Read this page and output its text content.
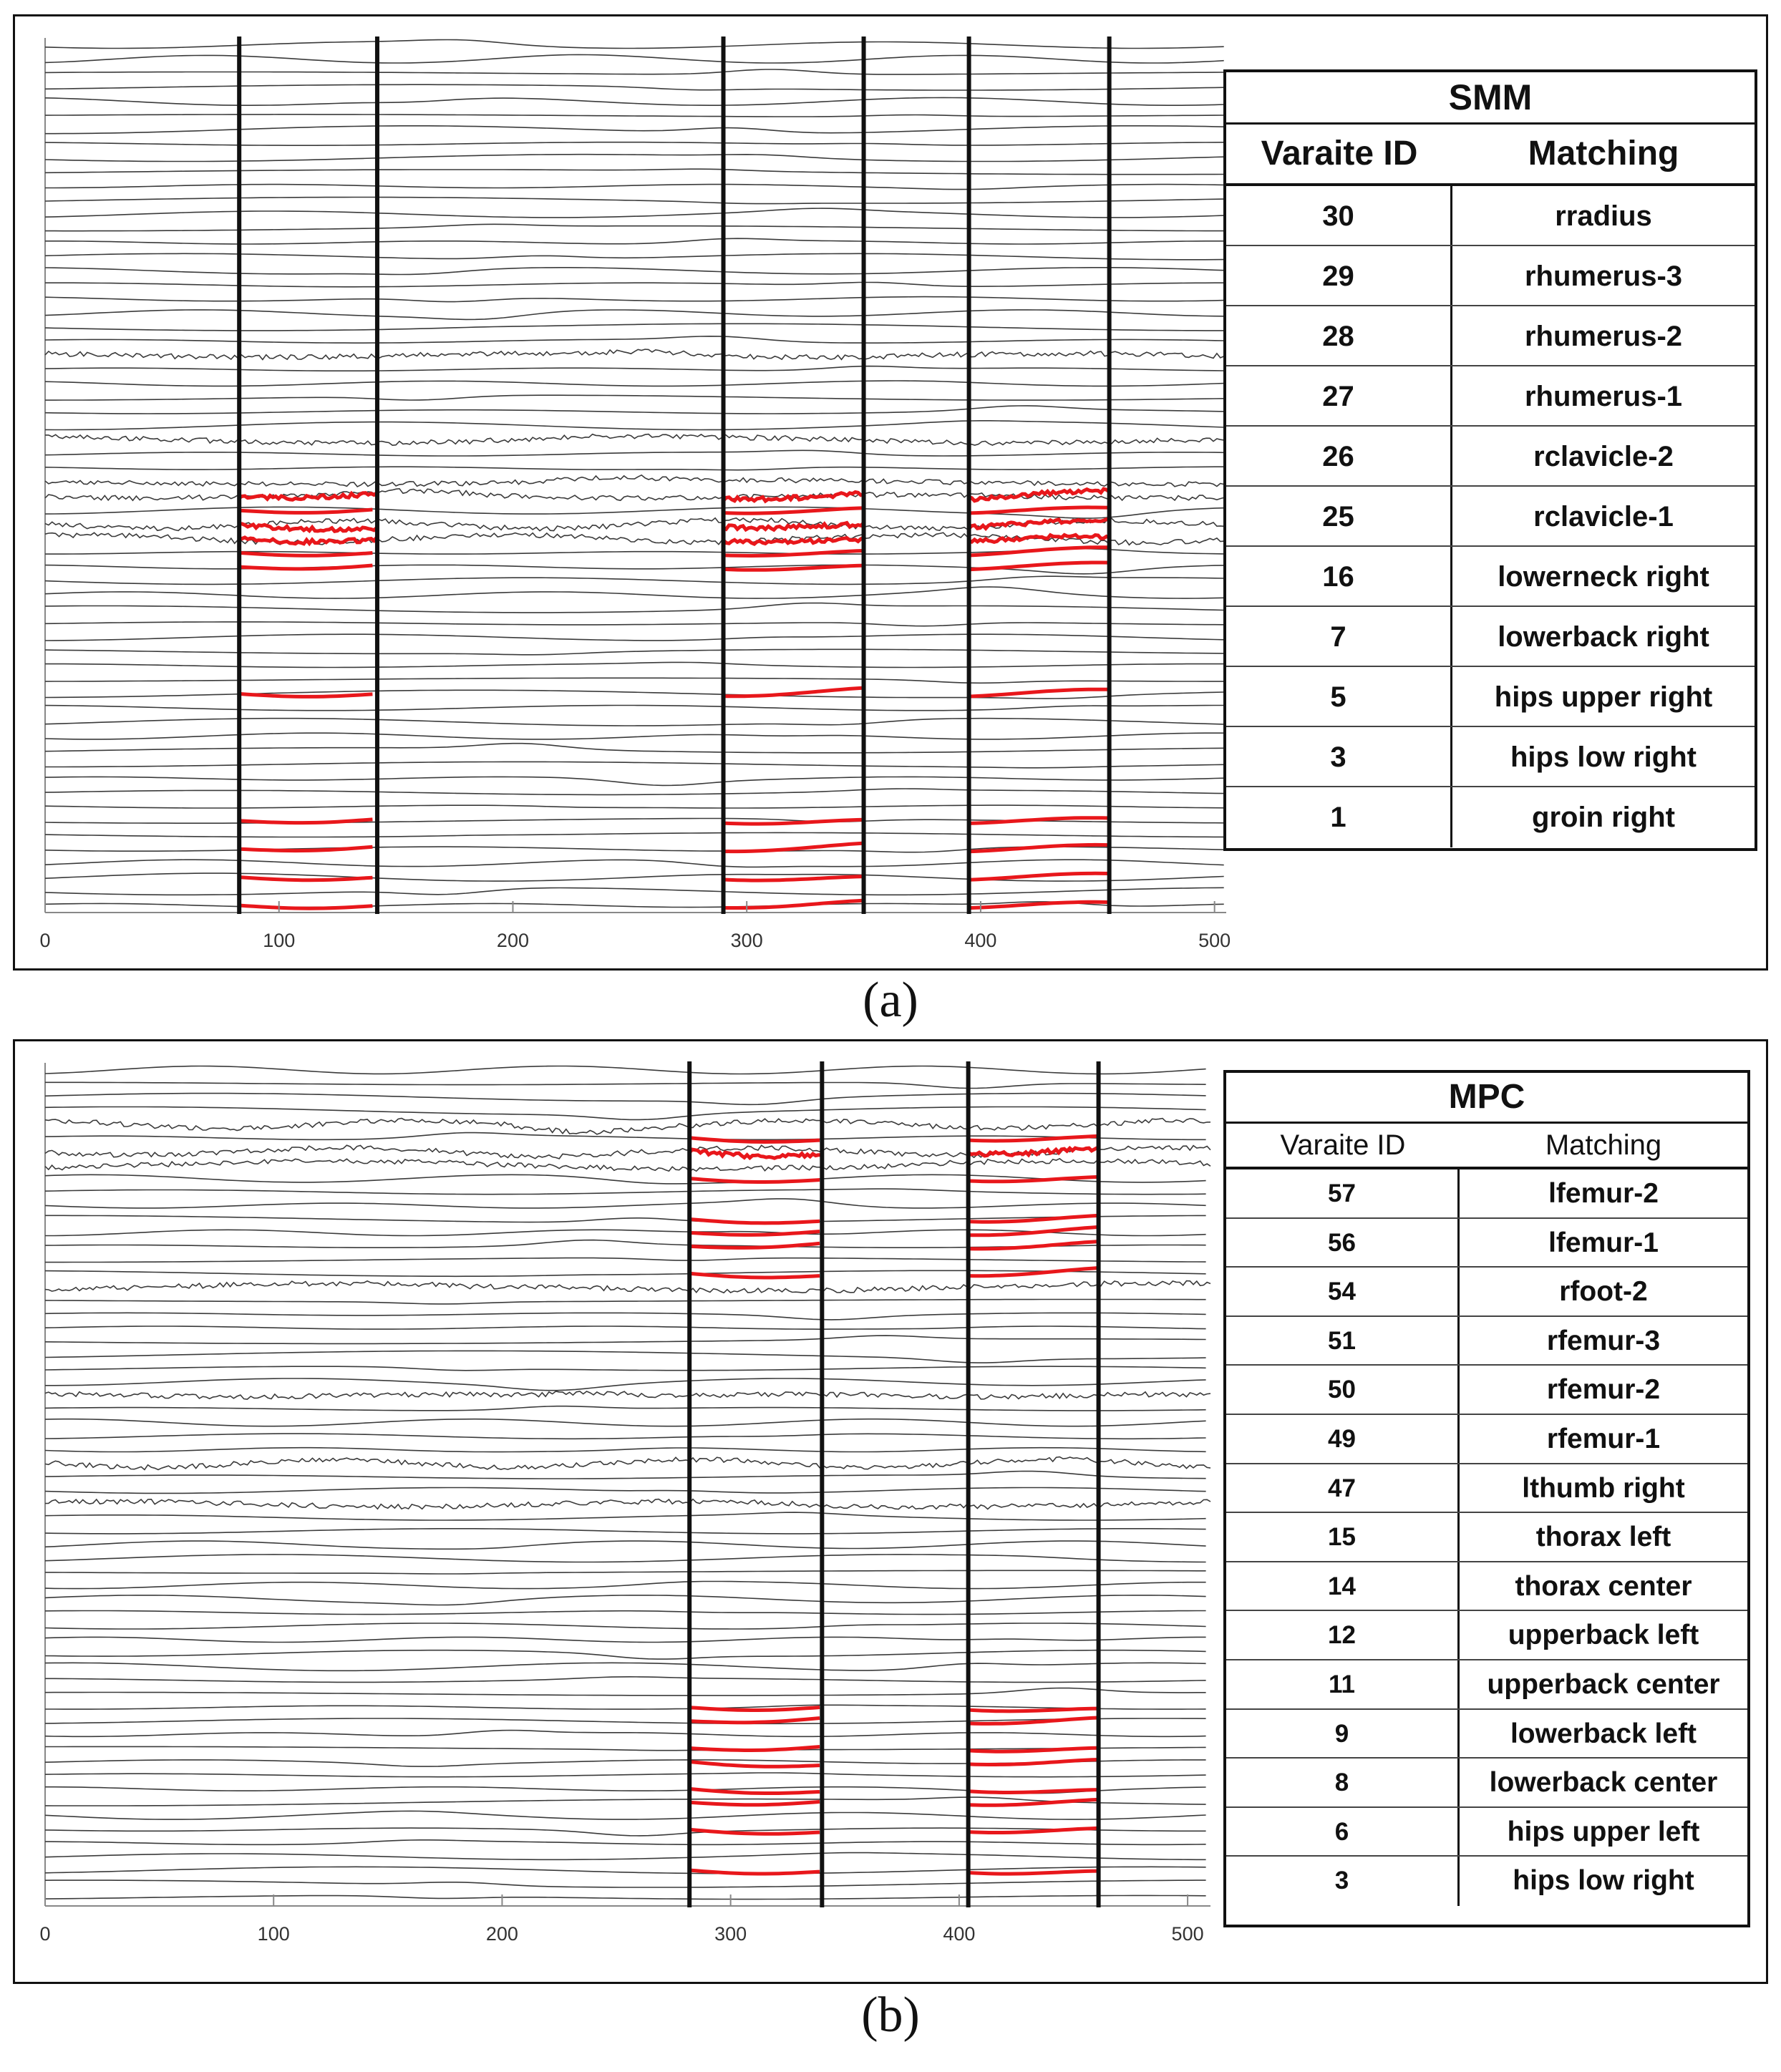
0	100	200	300	400	500
SMM
Varaite ID	Matching
30	rradius
29	rhumerus-3
28	rhumerus-2
27	rhumerus-1
26	rclavicle-2
25	rclavicle-1
16	lowerneck right
7	lowerback right
5	hips upper right
3	hips low right
1	groin right
(a)
0	100	200	300	400	500
MPC
Varaite ID	Matching
57	lfemur-2
56	lfemur-1
54	rfoot-2
51	rfemur-3
50	rfemur-2
49	rfemur-1
47	lthumb right
15	thorax left
14	thorax center
12	upperback left
11	upperback center
9	lowerback left
8	lowerback center
6	hips upper left
3	hips low right
(b)
